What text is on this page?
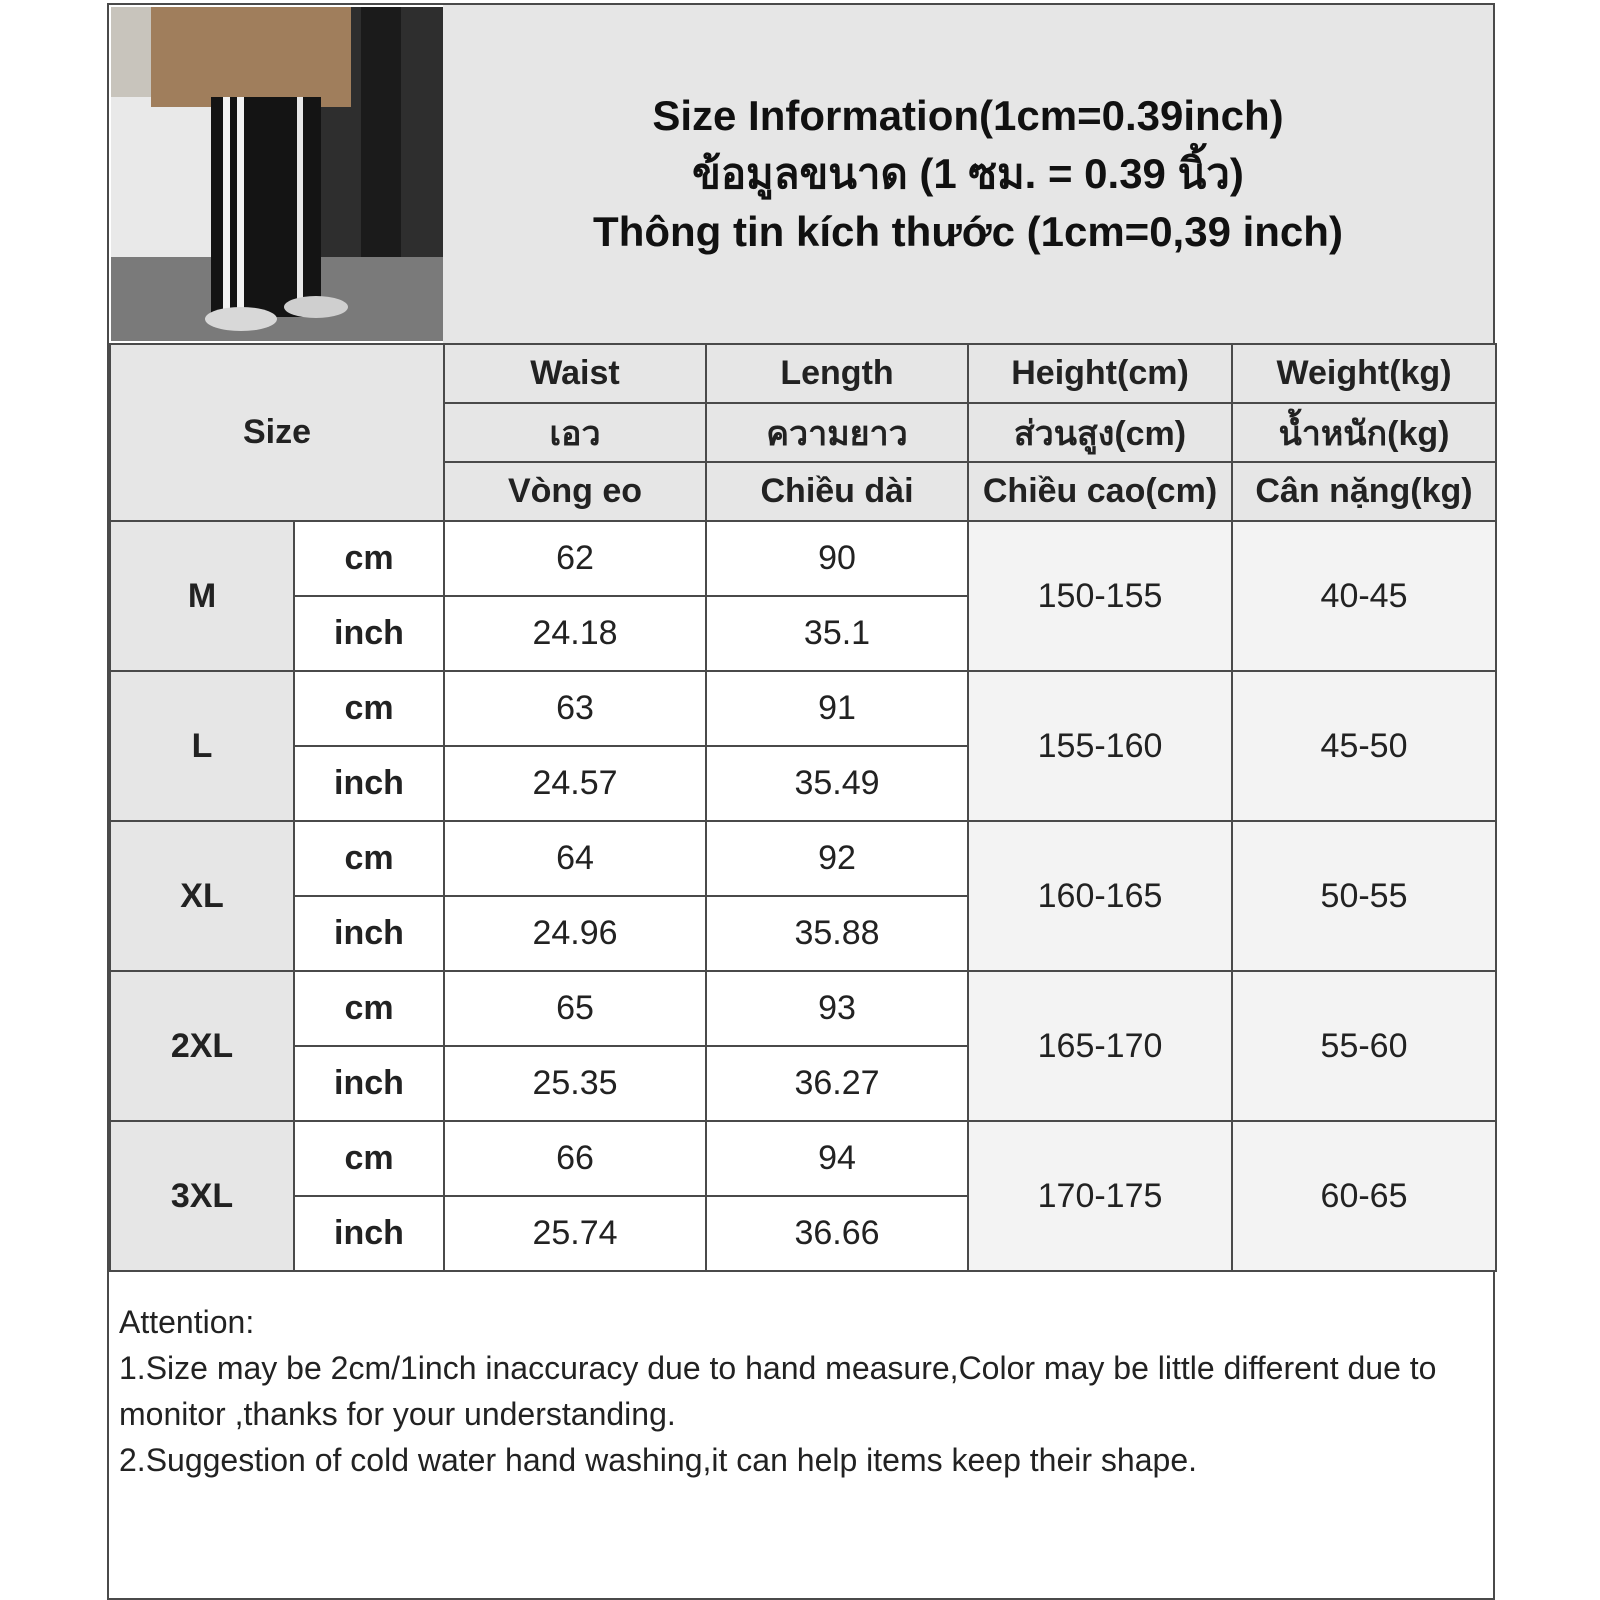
Size Information(1cm=0.39inch)
ข้อมูลขนาด (1 ซม. = 0.39 นิ้ว)
Thông tin kích thước (1cm=0,39 inch)
Size		Waist	Length	Height(cm)	Weight(kg)
		เอว	ความยาว	ส่วนสูง(cm)	น้ำหนัก(kg)
		Vòng eo	Chiều dài	Chiều cao(cm)	Cân nặng(kg)
M	cm	62	90	150-155	40-45
	inch	24.18	35.1		
L	cm	63	91	155-160	45-50
	inch	24.57	35.49		
XL	cm	64	92	160-165	50-55
	inch	24.96	35.88		
2XL	cm	65	93	165-170	55-60
	inch	25.35	36.27		
3XL	cm	66	94	170-175	60-65
	inch	25.74	36.66		

Attention:

1.Size may be 2cm/1inch inaccuracy due to hand measure,Color may be little different due to monitor ,thanks for your understanding.

2.Suggestion of cold water hand washing,it can help items keep their shape.
